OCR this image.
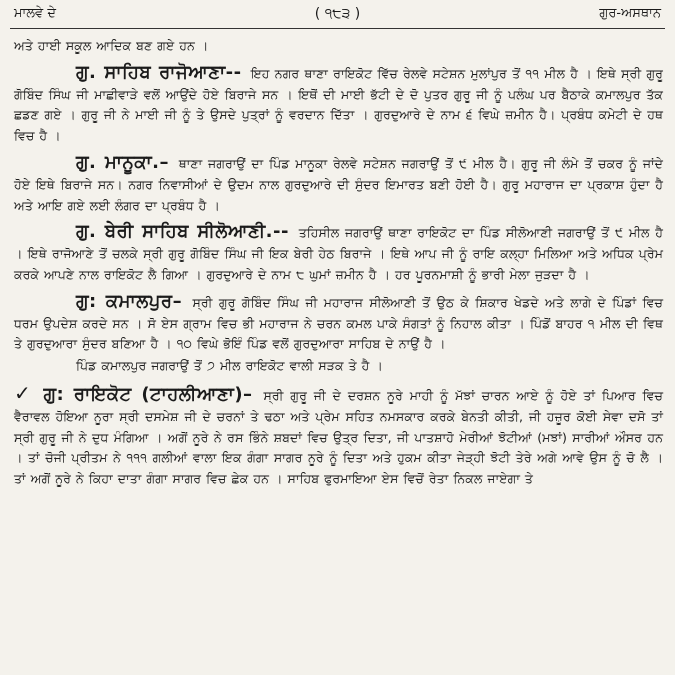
ਮਾਲਵੇ ਦੇ	( ੧੮੩ )	ਗੁਰ-ਅਸਥਾਨ

ਅਤੇ ਹਾਈ ਸਕੂਲ ਆਦਿਕ ਬਣ ਗਏ ਹਨ ।

ਗੁ. ਸਾਹਿਬ ਰਾਜੋਆਣਾ-- ਇਹ ਨਗਰ ਥਾਣਾ ਰਾਇਕੋਟ ਵਿੱਚ ਰੇਲਵੇ ਸਟੇਸ਼ਨ ਮੁਲਾਂਪੁਰ ਤੋਂ ੧੧ ਮੀਲ ਹੈ । ਇਥੇ ਸ੍ਰੀ ਗੁਰੂ ਗੋਬਿੰਦ ਸਿੰਘ ਜੀ ਮਾਛੀਵਾੜੇ ਵਲੋਂ ਆਉਂਦੇ ਹੋਏ ਬਿਰਾਜੇ ਸਨ । ਇਥੋਂ ਦੀ ਮਾਈ ਭੱਟੀ ਦੇ ਦੋ ਪੁਤਰ ਗੁਰੂ ਜੀ ਨੂੰ ਪਲੰਘ ਪਰ ਬੈਠਾਕੇ ਕਮਾਲਪੁਰ ਤੱਕ ਛਡਣ ਗਏ । ਗੁਰੂ ਜੀ ਨੇ ਮਾਈ ਜੀ ਨੂੰ ਤੇ ਉਸਦੇ ਪੁਤ੍ਰਾਂ ਨੂੰ ਵਰਦਾਨ ਦਿੱਤਾ । ਗੁਰਦੁਆਰੇ ਦੇ ਨਾਮ ੬ ਵਿਘੇ ਜ਼ਮੀਨ ਹੈ। ਪ੍ਰਬੰਧ ਕਮੇਟੀ ਦੇ ਹਥ ਵਿਚ ਹੈ ।

ਗੁ. ਮਾਨੂਕਾ.– ਥਾਣਾ ਜਗਰਾਉਂ ਦਾ ਪਿੰਡ ਮਾਨੂਕਾ ਰੇਲਵੇ ਸਟੇਸ਼ਨ ਜਗਰਾਉਂ ਤੋਂ ੯ ਮੀਲ ਹੈ। ਗੁਰੂ ਜੀ ਲੰਮੇ ਤੋਂ ਚਕਰ ਨੂੰ ਜਾਂਦੇ ਹੋਏ ਇਥੇ ਬਿਰਾਜੇ ਸਨ। ਨਗਰ ਨਿਵਾਸੀਆਂ ਦੇ ਉਦਮ ਨਾਲ ਗੁਰਦੁਆਰੇ ਦੀ ਸੁੰਦਰ ਇਮਾਰਤ ਬਣੀ ਹੋਈ ਹੈ। ਗੁਰੂ ਮਹਾਰਾਜ ਦਾ ਪ੍ਰਕਾਸ਼ ਹੁੰਦਾ ਹੈ ਅਤੇ ਆਇ ਗਏ ਲਈ ਲੰਗਰ ਦਾ ਪ੍ਰਬੰਧ ਹੈ ।

ਗੁ. ਬੇਰੀ ਸਾਹਿਬ ਸੀਲੋਆਣੀ.-- ਤਹਿਸੀਲ ਜਗਰਾਉਂ ਥਾਣਾ ਰਾਇਕੋਟ ਦਾ ਪਿੰਡ ਸੀਲੋਆਣੀ ਜਗਰਾਉਂ ਤੋਂ ੯ ਮੀਲ ਹੈ । ਇਥੇ ਰਾਜੋਆਣੇ ਤੋਂ ਚਲਕੇ ਸ੍ਰੀ ਗੁਰੂ ਗੋਬਿੰਦ ਸਿੰਘ ਜੀ ਇਕ ਬੇਰੀ ਹੇਠ ਬਿਰਾਜੇ । ਇਥੇ ਆਪ ਜੀ ਨੂੰ ਰਾਇ ਕਲ੍ਹਾ ਮਿਲਿਆ ਅਤੇ ਅਧਿਕ ਪ੍ਰੇਮ ਕਰਕੇ ਆਪਣੇ ਨਾਲ ਰਾਇਕੋਟ ਲੈ ਗਿਆ । ਗੁਰਦੁਆਰੇ ਦੇ ਨਾਮ ੮ ਘੁਮਾਂ ਜ਼ਮੀਨ ਹੈ । ਹਰ ਪੂਰਨਮਾਸ਼ੀ ਨੂੰ ਭਾਰੀ ਮੇਲਾ ਜੁੜਦਾ ਹੈ ।

ਗੁ: ਕਮਾਲਪੁਰ– ਸ੍ਰੀ ਗੁਰੂ ਗੋਬਿੰਦ ਸਿੰਘ ਜੀ ਮਹਾਰਾਜ ਸੀਲੋਆਣੀ ਤੋਂ ਉਠ ਕੇ ਸ਼ਿਕਾਰ ਖੇਡਦੇ ਅਤੇ ਲਾਗੇ ਦੇ ਪਿੰਡਾਂ ਵਿਚ ਧਰਮ ਉਪਦੇਸ਼ ਕਰਦੇ ਸਨ । ਸੋ ਏਸ ਗ੍ਰਾਮ ਵਿਚ ਭੀ ਮਹਾਰਾਜ ਨੇ ਚਰਨ ਕਮਲ ਪਾਕੇ ਸੰਗਤਾਂ ਨੂੰ ਨਿਹਾਲ ਕੀਤਾ । ਪਿੰਡੋਂ ਬਾਹਰ ੧ ਮੀਲ ਦੀ ਵਿਥ ਤੇ ਗੁਰਦੁਆਰਾ ਸੁੰਦਰ ਬਣਿਆ ਹੈ । ੧੦ ਵਿਘੇ ਭੋਇੰ ਪਿੰਡ ਵਲੋਂ ਗੁਰਦੁਆਰਾ ਸਾਹਿਬ ਦੇ ਨਾਉਂ ਹੈ ।

ਪਿੰਡ ਕਮਾਲਪੁਰ ਜਗਰਾਉਂ ਤੋਂ ੭ ਮੀਲ ਰਾਇਕੋਟ ਵਾਲੀ ਸੜਕ ਤੇ ਹੈ ।

✓ ਗੁ: ਰਾਇਕੋਟ (ਟਾਹਲੀਆਣਾ)– ਸ੍ਰੀ ਗੁਰੂ ਜੀ ਦੇ ਦਰਸ਼ਨ ਨੂਰੇ ਮਾਹੀ ਨੂੰ ਮੱਝਾਂ ਚਾਰਨ ਆਏ ਨੂੰ ਹੋਏ ਤਾਂ ਪਿਆਰ ਵਿਚ ਵੈਰਾਵਲ ਹੋਇਆ ਨੂਰਾ ਸ੍ਰੀ ਦਸਮੇਸ਼ ਜੀ ਦੇ ਚਰਨਾਂ ਤੇ ਢਠਾ ਅਤੇ ਪ੍ਰੇਮ ਸਹਿਤ ਨਮਸਕਾਰ ਕਰਕੇ ਬੇਨਤੀ ਕੀਤੀ, ਜੀ ਹਜ਼ੂਰ ਕੋਈ ਸੇਵਾ ਦਸੋ ਤਾਂ ਸ੍ਰੀ ਗੁਰੂ ਜੀ ਨੇ ਦੁਧ ਮੰਗਿਆ । ਅਗੋਂ ਨੂਰੇ ਨੇ ਰਸ ਭਿੰਨੇ ਸ਼ਬਦਾਂ ਵਿਚ ਉਤ੍ਰ ਦਿਤਾ, ਜੀ ਪਾਤਸ਼ਾਹੋ ਮੇਰੀਆਂ ਝੋਟੀਆਂ (ਮਝਾਂ) ਸਾਰੀਆਂ ਔਸਰ ਹਨ । ਤਾਂ ਚੋਜੀ ਪ੍ਰੀਤਮ ਨੇ ੧੧੧ ਗਲੀਆਂ ਵਾਲਾ ਇਕ ਗੰਗਾ ਸਾਗਰ ਨੂਰੇ ਨੂੰ ਦਿਤਾ ਅਤੇ ਹੁਕਮ ਕੀਤਾ ਜੇੜ੍ਹੀ ਝੋਟੀ ਤੇਰੇ ਅਗੇ ਆਵੇ ਉਸ ਨੂੰ ਚੋ ਲੈ । ਤਾਂ ਅਗੋਂ ਨੂਰੇ ਨੇ ਕਿਹਾ ਦਾਤਾ ਗੰਗਾ ਸਾਗਰ ਵਿਚ ਛੇਕ ਹਨ । ਸਾਹਿਬ ਫੁਰਮਾਇਆ ਏਸ ਵਿਚੋਂ ਰੇਤਾ ਨਿਕਲ ਜਾਏਗਾ ਤੇ
